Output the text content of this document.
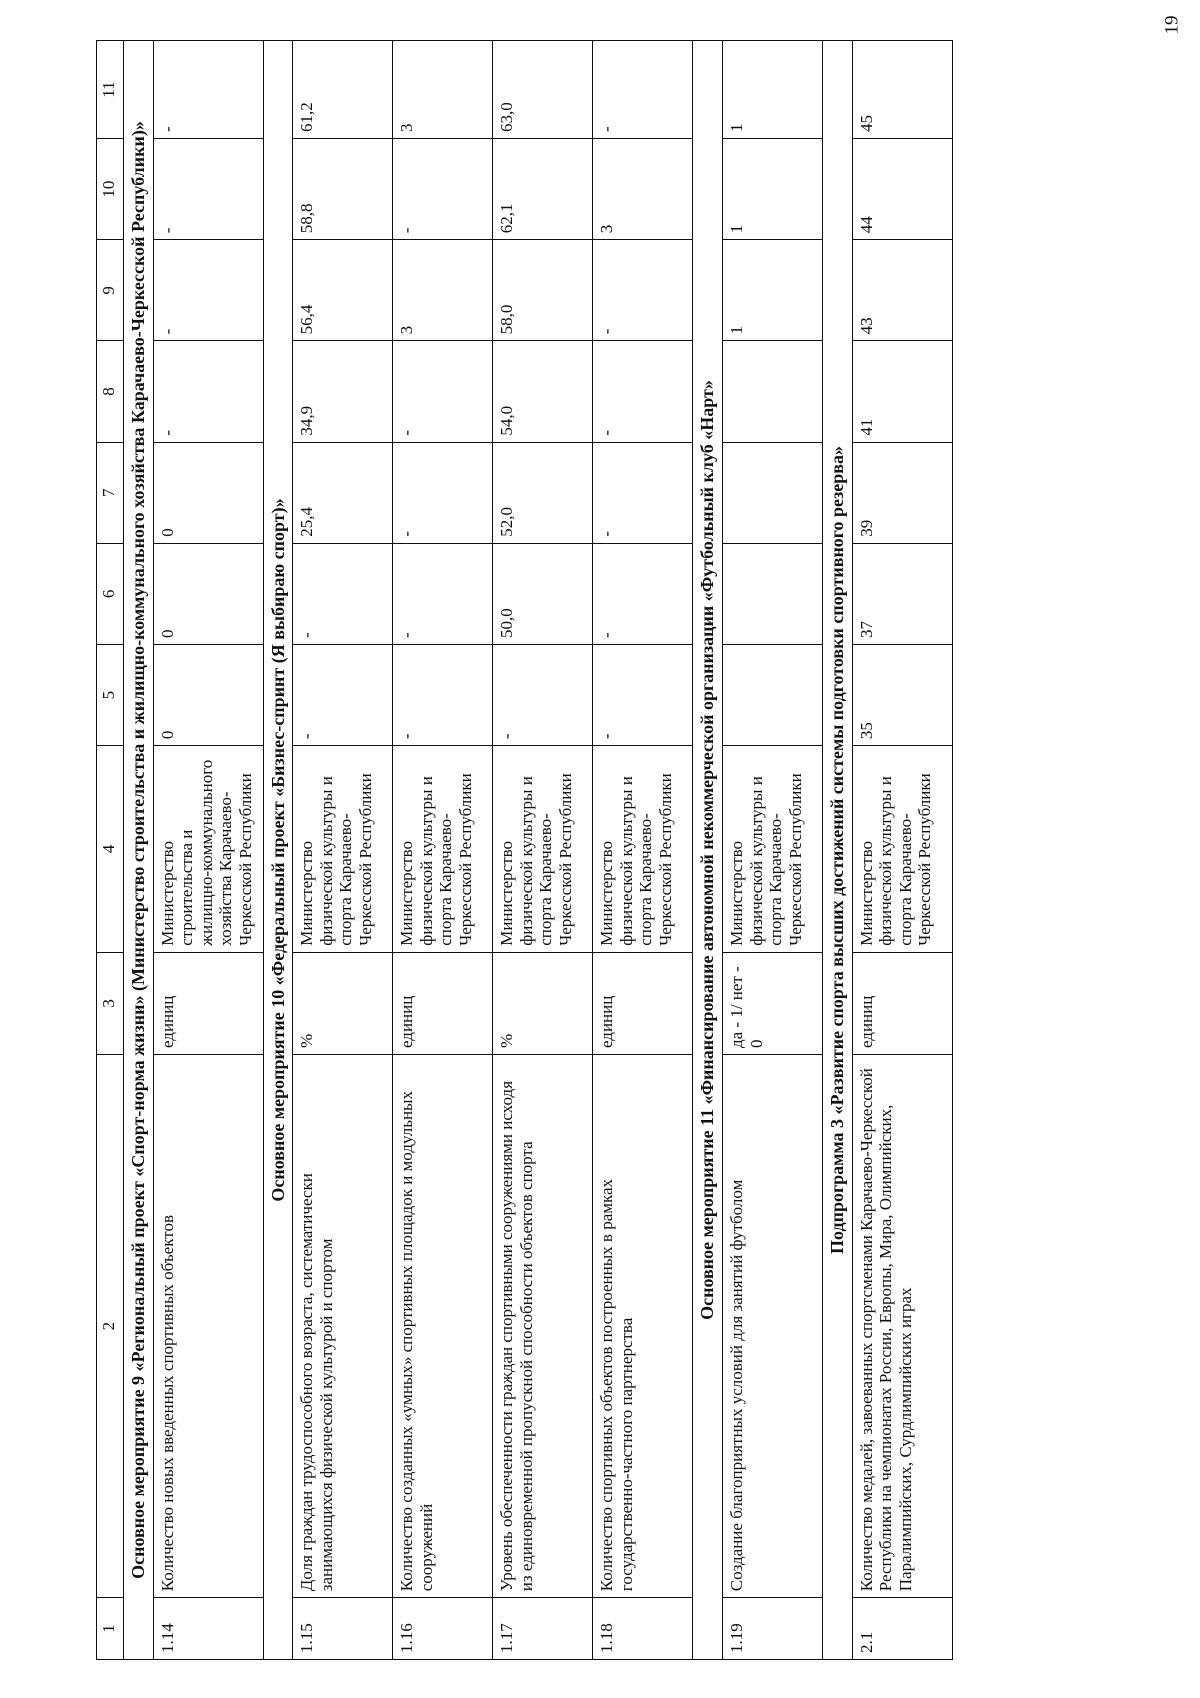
19
1	2	3	4	5	6	7	8	9	10	11
Основное мероприятие 9 «Региональный проект «Спорт-норма жизни» (Министерство строительства и жилищно-коммунального хозяйства Карачаево-Черкесской Республики)»										
1.14	Количество новых введенных спортивных объектов	единиц	Министерство строительства и жилищно-коммунального хозяйства Карачаево-Черкесской Республики	0	0	0	-	-	-	-
Основное мероприятие 10 «Федеральный проект «Бизнес-спринт (Я выбираю спорт)»										
1.15	Доля граждан трудоспособного возраста, систематически занимающихся физической культурой и спортом	%	Министерство физической культуры и спорта Карачаево-Черкесской Республики	-	-	25,4	34,9	56,4	58,8	61,2
1.16	Количество созданных «умных» спортивных площадок и модульных сооружений	единиц	Министерство физической культуры и спорта Карачаево-Черкесской Республики	-	-	-	-	3	-	3
1.17	Уровень обеспеченности граждан спортивными сооружениями исходя из единовременной пропускной способности объектов спорта	%	Министерство физической культуры и спорта Карачаево-Черкесской Республики	-	50,0	52,0	54,0	58,0	62,1	63,0
1.18	Количество спортивных объектов построенных в рамках государственно-частного партнерства	единиц	Министерство физической культуры и спорта Карачаево-Черкесской Республики	-	-	-	-	-	3	-
Основное мероприятие 11 «Финансирование автономной некоммерческой организации «Футбольный клуб «Нарт»										
1.19	Создание благоприятных условий для занятий футболом	да - 1/ нет - 0	Министерство физической культуры и спорта Карачаево-Черкесской Республики					1	1	1
Подпрограмма 3 «Развитие спорта высших достижений системы подготовки спортивного резерва»										
2.1	Количество медалей, завоеванных спортсменами Карачаево-Черкесской Республики на чемпионатах России, Европы, Мира, Олимпийских, Паралимпийских, Сурдлимпийских играх	единиц	Министерство физической культуры и спорта Карачаево-Черкесской Республики	35	37	39	41	43	44	45
